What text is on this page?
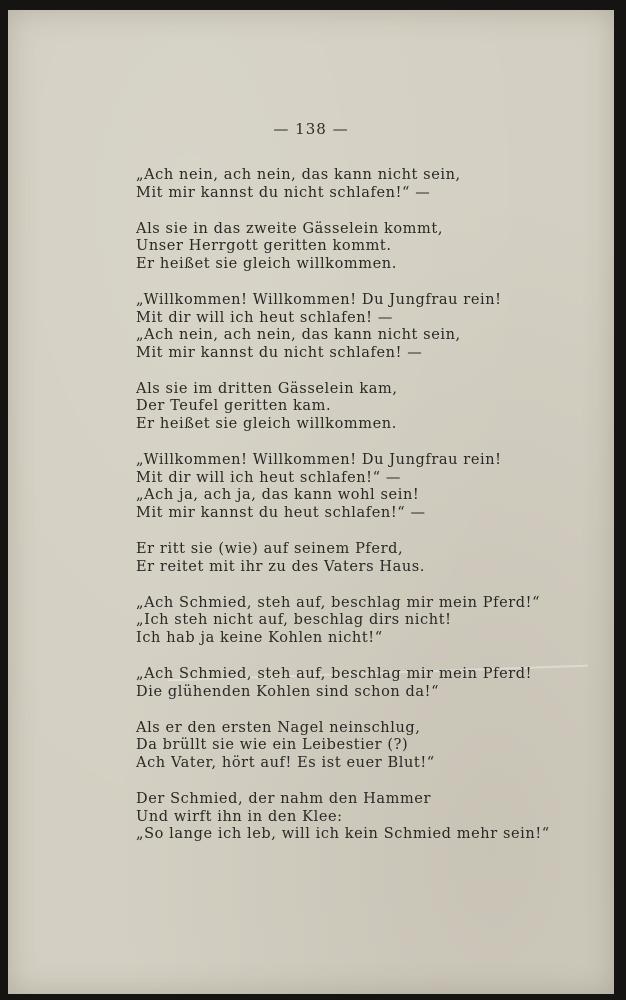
— 138 —
„Ach nein, ach nein, das kann nicht sein,
Mit mir kannst du nicht schlafen!“ —
Als sie in das zweite Gässelein kommt,
Unser Herrgott geritten kommt.
Er heißet sie gleich willkommen.
„Willkommen! Willkommen! Du Jungfrau rein!
Mit dir will ich heut schlafen! —
„Ach nein, ach nein, das kann nicht sein,
Mit mir kannst du nicht schlafen! —
Als sie im dritten Gässelein kam,
Der Teufel geritten kam.
Er heißet sie gleich willkommen.
„Willkommen! Willkommen! Du Jungfrau rein!
Mit dir will ich heut schlafen!“ —
„Ach ja, ach ja, das kann wohl sein!
Mit mir kannst du heut schlafen!“ —
Er ritt sie (wie) auf seinem Pferd,
Er reitet mit ihr zu des Vaters Haus.
„Ach Schmied, steh auf, beschlag mir mein Pferd!“
„Ich steh nicht auf, beschlag dirs nicht!
Ich hab ja keine Kohlen nicht!“
„Ach Schmied, steh auf, beschlag mir mein Pferd!
Die glühenden Kohlen sind schon da!“
Als er den ersten Nagel neinschlug,
Da brüllt sie wie ein Leibestier (?)
Ach Vater, hört auf! Es ist euer Blut!“
Der Schmied, der nahm den Hammer
Und wirft ihn in den Klee:
„So lange ich leb, will ich kein Schmied mehr sein!“
